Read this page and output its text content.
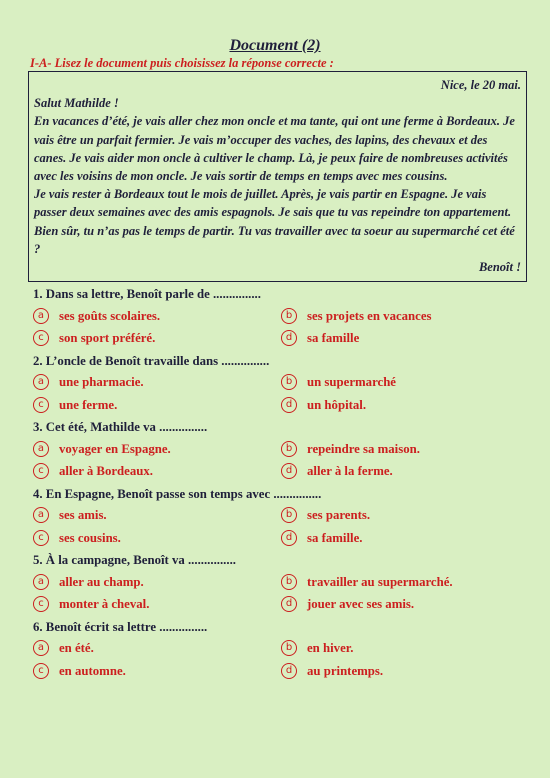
Document (2)
I-A- Lisez le document puis choisissez la réponse correcte :
Nice, le 20 mai.
Salut Mathilde !
En vacances d’été, je vais aller chez mon oncle et ma tante, qui ont une ferme à Bordeaux. Je vais être un parfait fermier. Je vais m’occuper des vaches, des lapins, des chevaux et des canes. Je vais aider mon oncle à cultiver le champ. Là, je peux faire de nombreuses activités avec les voisins de mon oncle. Je vais sortir de temps en temps avec mes cousins.
Je vais rester à Bordeaux tout le mois de juillet. Après, je vais partir en Espagne. Je vais passer deux semaines avec des amis espagnols. Je sais que tu vas repeindre ton appartement. Bien sûr, tu n’as pas le temps de partir. Tu vas travailler avec ta soeur au supermarché cet été ?
Benoît !
1. Dans sa lettre, Benoît parle de ...............
a ses goûts scolaires.	b ses projets en vacances
c son sport préféré.	d sa famille
2. L’oncle de Benoît travaille dans ...............
a une pharmacie.	b un supermarché
c une ferme.	d un hôpital.
3. Cet été, Mathilde va ...............
a voyager en Espagne.	b repeindre sa maison.
c aller à Bordeaux.	d aller à la ferme.
4. En Espagne, Benoît passe son temps avec ...............
a ses amis.	b ses parents.
c ses cousins.	d sa famille.
5. À la campagne, Benoît va ...............
a aller au champ.	b travailler au supermarché.
c monter à cheval.	d jouer avec ses amis.
6. Benoît écrit sa lettre ...............
a en été.	b en hiver.
c en automne.	d au printemps.
